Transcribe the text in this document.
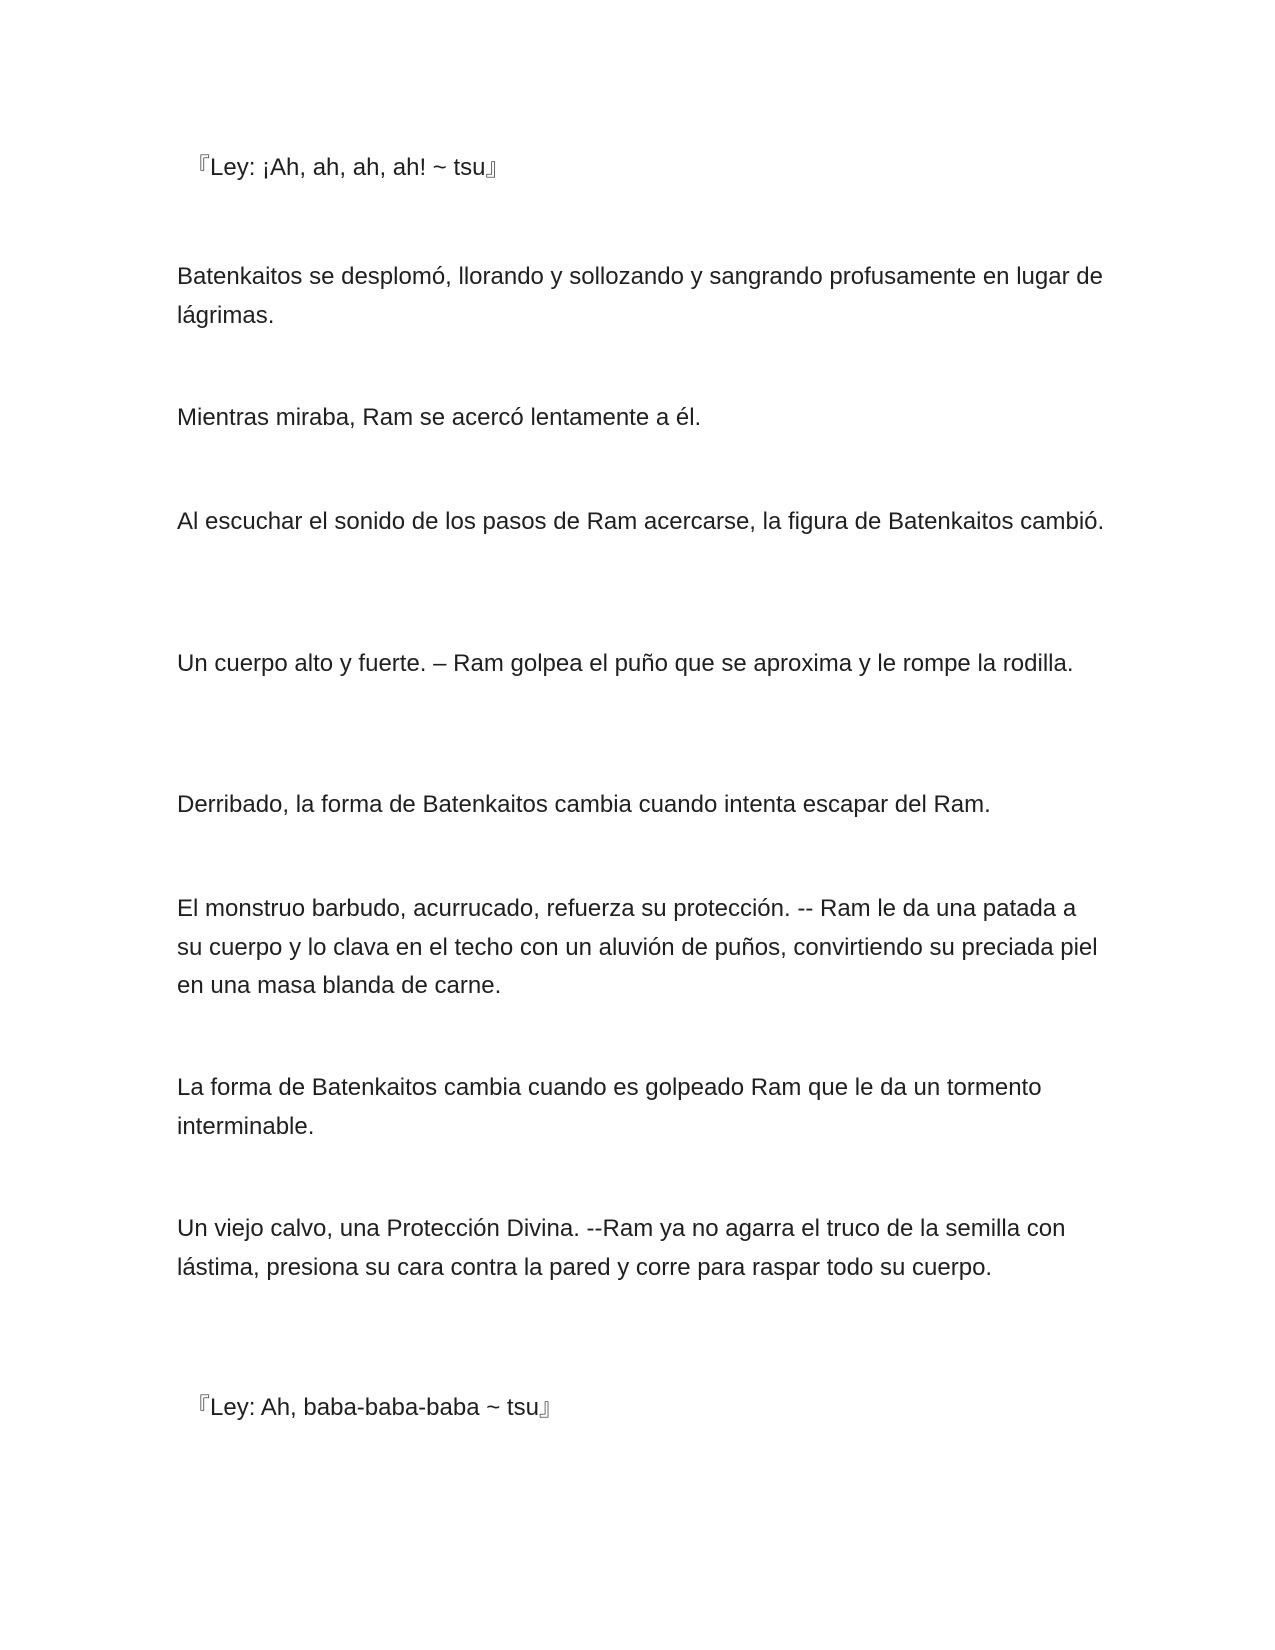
『Ley: ¡Ah, ah, ah, ah! ~ tsu』

Batenkaitos se desplomó, llorando y sollozando y sangrando profusamente en lugar de lágrimas.

Mientras miraba, Ram se acercó lentamente a él.

Al escuchar el sonido de los pasos de Ram acercarse, la figura de Batenkaitos cambió.

Un cuerpo alto y fuerte. – Ram golpea el puño que se aproxima y le rompe la rodilla.

Derribado, la forma de Batenkaitos cambia cuando intenta escapar del Ram.

El monstruo barbudo, acurrucado, refuerza su protección. -- Ram le da una patada a su cuerpo y lo clava en el techo con un aluvión de puños, convirtiendo su preciada piel en una masa blanda de carne.

La forma de Batenkaitos cambia cuando es golpeado Ram que le da un tormento interminable.

Un viejo calvo, una Protección Divina. --Ram ya no agarra el truco de la semilla con lástima, presiona su cara contra la pared y corre para raspar todo su cuerpo.

『Ley: Ah, baba-baba-baba ~ tsu』
